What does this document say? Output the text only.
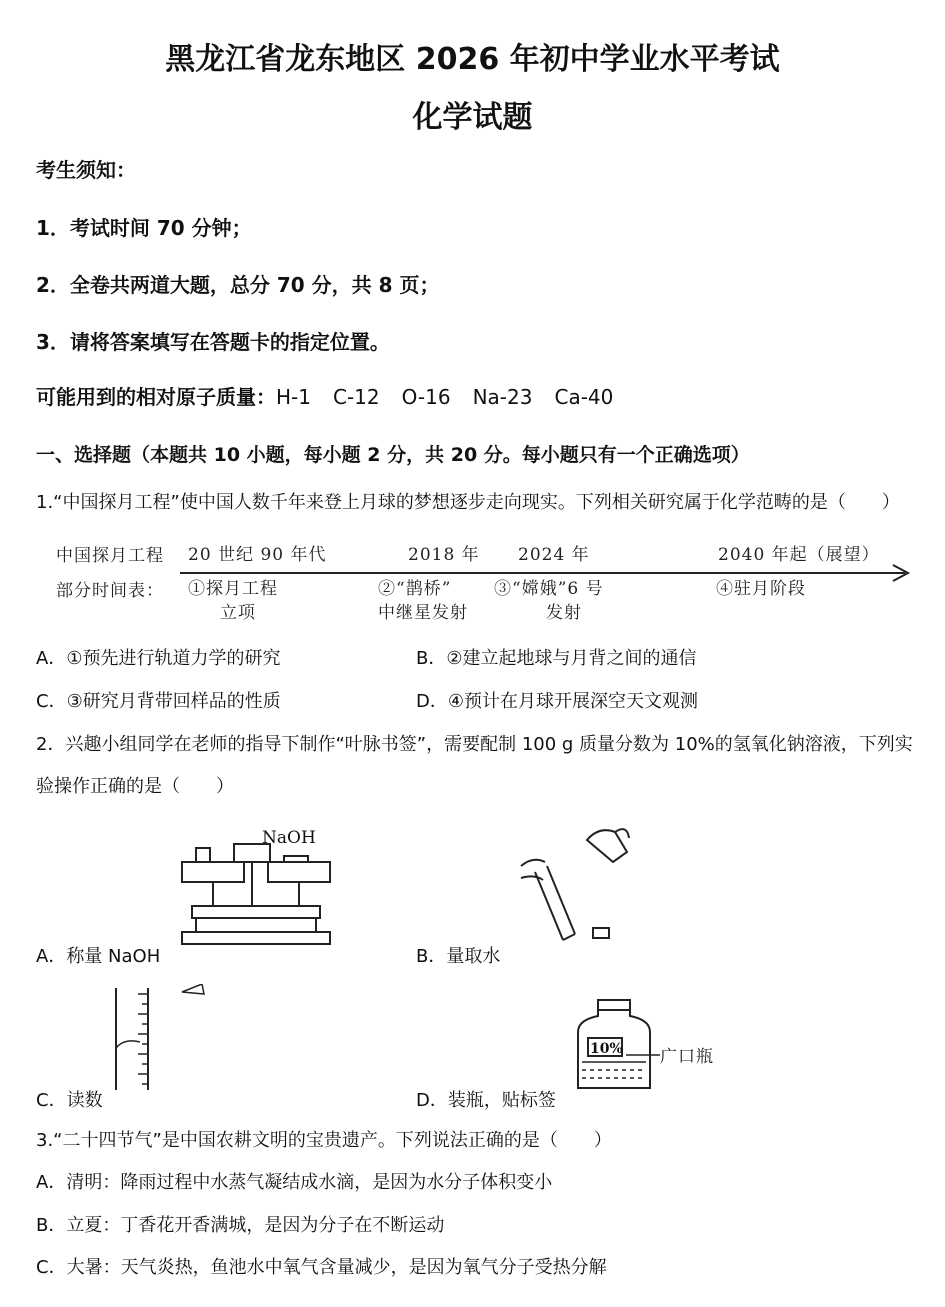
黑龙江省龙东地区 2026 年初中学业水平考试
化学试题
考生须知：
1．考试时间 70 分钟；
2．全卷共两道大题，总分 70 分，共 8 页；
3．请将答案填写在答题卡的指定位置。
可能用到的相对原子质量：H-1 C-12 O-16 Na-23 Ca-40
一、选择题（本题共 10 小题，每小题 2 分，共 20 分。每小题只有一个正确选项）
1.“中国探月工程”使中国人数千年来登上月球的梦想逐步走向现实。下列相关研究属于化学范畴的是（　　）
中国探月工程
部分时间表：
20 世纪 90 年代	2018 年 2024 年	2040 年起（展望）
①探月工程
立项
②“鹊桥”
中继星发射
③“嫦娥”6 号
发射
④驻月阶段
A．①预先进行轨道力学的研究	B．②建立起地球与月背之间的通信
C．③研究月背带回样品的性质	D．④预计在月球开展深空天文观测
2．兴趣小组同学在老师的指导下制作“叶脉书签”，需要配制 100 g 质量分数为 10%的氢氧化钠溶液，下列实
验操作正确的是（　　）
NaOH
A．称量 NaOH	B．量取水
C．读数
10% 广口瓶
D．装瓶，贴标签
3.“二十四节气”是中国农耕文明的宝贵遗产。下列说法正确的是（　　）
A．清明：降雨过程中水蒸气凝结成水滴，是因为水分子体积变小
B．立夏：丁香花开香满城，是因为分子在不断运动
C．大暑：天气炎热，鱼池水中氧气含量减少，是因为氧气分子受热分解
